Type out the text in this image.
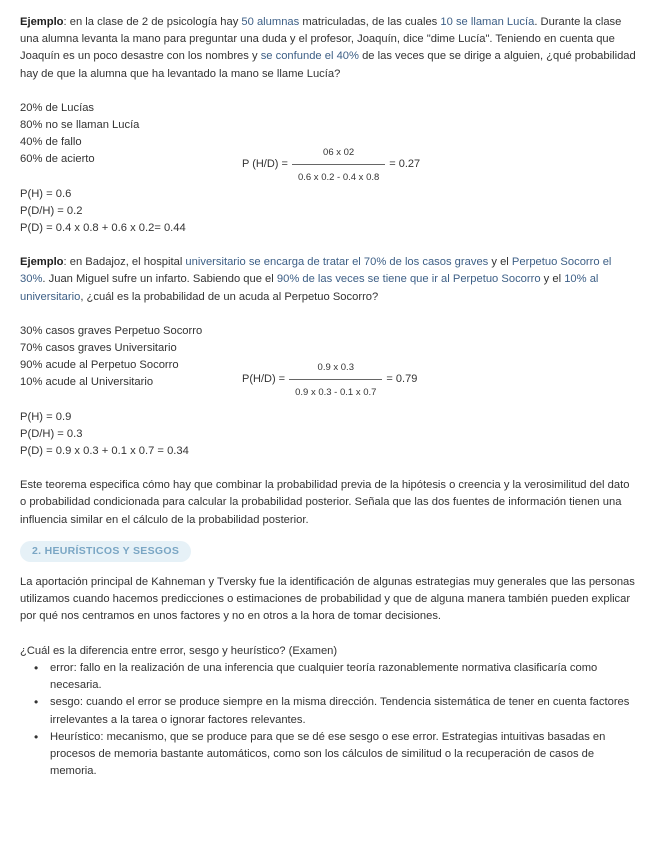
Ejemplo: en la clase de 2 de psicología hay 50 alumnas matriculadas, de las cuales 10 se llaman Lucía. Durante la clase una alumna levanta la mano para preguntar una duda y el profesor, Joaquín, dice "dime Lucía". Teniendo en cuenta que Joaquín es un poco desastre con los nombres y se confunde el 40% de las veces que se dirige a alguien, ¿qué probabilidad hay de que la alumna que ha levantado la mano se llame Lucía?

20% de Lucías

80% no se llaman Lucía

40% de fallo

60% de acierto	P $(H/D) = \frac{06 x 02}{0.6 x 0.2 - 0.4 x 0.8} = 0.27$

P(H) = 0.6

P(D/H) = 0.2

P(D) = 0.4 x 0.8 + 0.6 x 0.2= 0.44

Ejemplo: en Badajoz, el hospital universitario se encarga de tratar el 70% de los casos graves y el Perpetuo Socorro el 30%. Juan Miguel sufre un infarto. Sabiendo que el 90% de las veces se tiene que ir al Perpetuo Socorro y el 10% al universitario, ¿cuál es la probabilidad de un acuda al Perpetuo Socorro?

30% casos graves Perpetuo Socorro

70% casos graves Universitario

90% acude al Perpetuo Socorro

10% acude al Universitario	$P(H/D) = \frac{0.9 x 0.3}{0.9 x 0.3 - 0.1 x 0.7} = 0.79$

P(H) = 0.9

P(D/H) = 0.3

P(D) = 0.9 x 0.3 + 0.1 x 0.7 = 0.34

Este teorema especifica cómo hay que combinar la probabilidad previa de la hipótesis o creencia y la verosimilitud del dato o probabilidad condicionada para calcular la probabilidad posterior. Señala que las dos fuentes de información tienen una influencia similar en el cálculo de la probabilidad posterior.

2. HEURÍSTICOS Y SESGOS

La aportación principal de Kahneman y Tversky fue la identificación de algunas estrategias muy generales que las personas utilizamos cuando hacemos predicciones o estimaciones de probabilidad y que de alguna manera también pueden explicar por qué nos centramos en unos factores y no en otros a la hora de tomar decisiones.

¿Cuál es la diferencia entre error, sesgo y heurístico? (Examen)

• error: fallo en la realización de una inferencia que cualquier teoría razonablemente normativa clasificaría como necesaria.
• sesgo: cuando el error se produce siempre en la misma dirección. Tendencia sistemática de tener en cuenta factores irrelevantes a la tarea o ignorar factores relevantes.
• Heurístico: mecanismo, que se produce para que se dé ese sesgo o ese error. Estrategias intuitivas basadas en procesos de memoria bastante automáticos, como son los cálculos de similitud o la recuperación de casos de memoria.
